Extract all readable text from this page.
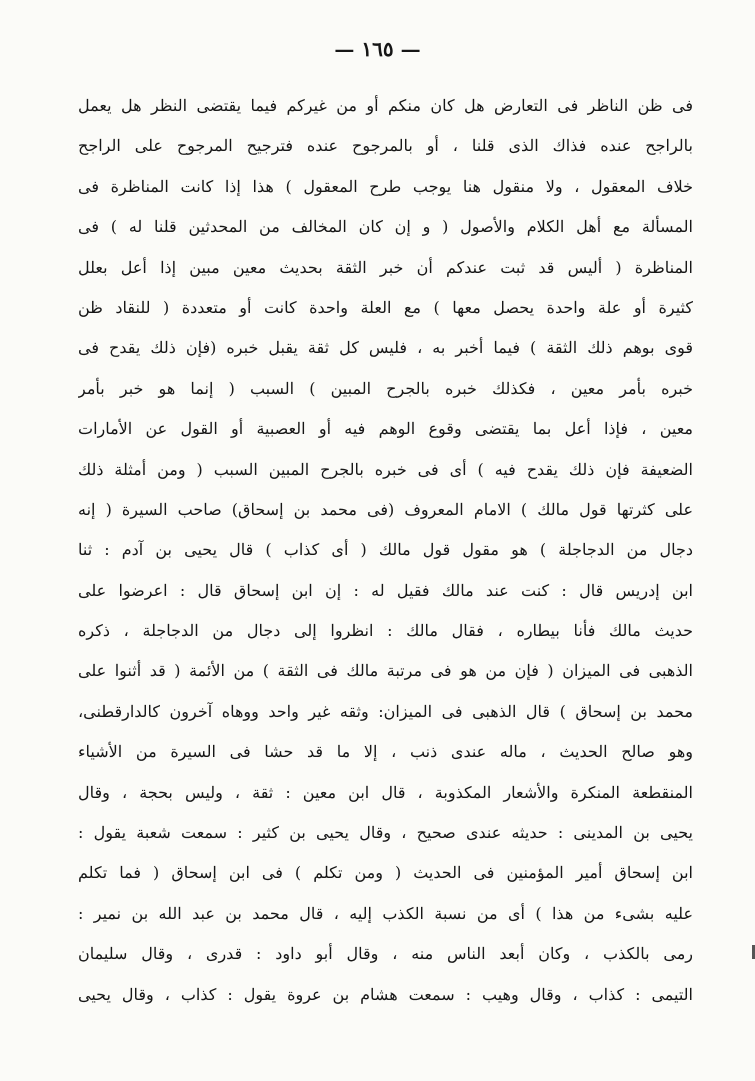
— ١٦٥ —
فى ظن الناظر فى التعارض هل كان منكم أو من غيركم فيما يقتضى النظر هل يعمل
بالراجح عنده فذاك الذى قلنا ، أو بالمرجوح عنده فترجيح المرجوح على الراجح
خلاف المعقول ، ولا منقول هنا يوجب طرح المعقول ) هذا إذا كانت المناظرة فى
المسألة مع أهل الكلام والأصول ( و إن كان المخالف من المحدثين قلنا له ) فى
المناظرة ( أليس قد ثبت عندكم أن خبر الثقة بحديث معين مبين إذا أعل بعلل
كثيرة أو علة واحدة يحصل معها ) مع العلة واحدة كانت أو متعددة ( للنقاد ظن
قوى بوهم ذلك الثقة ) فيما أخبر به ، فليس كل ثقة يقبل خبره (فإن ذلك يقدح فى
خبره بأمر معين ، فكذلك خبره بالجرح المبين ) السبب ( إنما هو خبر بأمر
معين ، فإذا أعل بما يقتضى وقوع الوهم فيه أو العصبية أو القول عن الأمارات
الضعيفة فإن ذلك يقدح فيه ) أى فى خبره بالجرح المبين السبب ( ومن أمثلة ذلك
على كثرتها قول مالك ) الامام المعروف (فى محمد بن إسحاق) صاحب السيرة ( إنه
دجال من الدجاجلة ) هو مقول قول مالك ( أى كذاب ) قال يحيى بن آدم : ثنا
ابن إدريس قال : كنت عند مالك فقيل له : إن ابن إسحاق قال : اعرضوا على
حديث مالك فأنا بيطاره ، فقال مالك : انظروا إلى دجال من الدجاجلة ، ذكره
الذهبى فى الميزان ( فإن من هو فى مرتبة مالك فى الثقة ) من الأئمة ( قد أثنوا على
محمد بن إسحاق ) قال الذهبى فى الميزان: وثقه غير واحد ووهاه آخرون كالدارقطنى،
وهو صالح الحديث ، ماله عندى ذنب ، إلا ما قد حشا فى السيرة من الأشياء
المنقطعة المنكرة والأشعار المكذوبة ، قال ابن معين : ثقة ، وليس بحجة ، وقال
يحيى بن المدينى : حديثه عندى صحيح ، وقال يحيى بن كثير : سمعت شعبة يقول :
ابن إسحاق أمير المؤمنين فى الحديث ( ومن تكلم ) فى ابن إسحاق ( فما تكلم
عليه بشىء من هذا ) أى من نسبة الكذب إليه ، قال محمد بن عبد الله بن نمير :
رمى بالكذب ، وكان أبعد الناس منه ، وقال أبو داود : قدرى ، وقال سليمان
التيمى : كذاب ، وقال وهيب : سمعت هشام بن عروة يقول : كذاب ، وقال يحيى
